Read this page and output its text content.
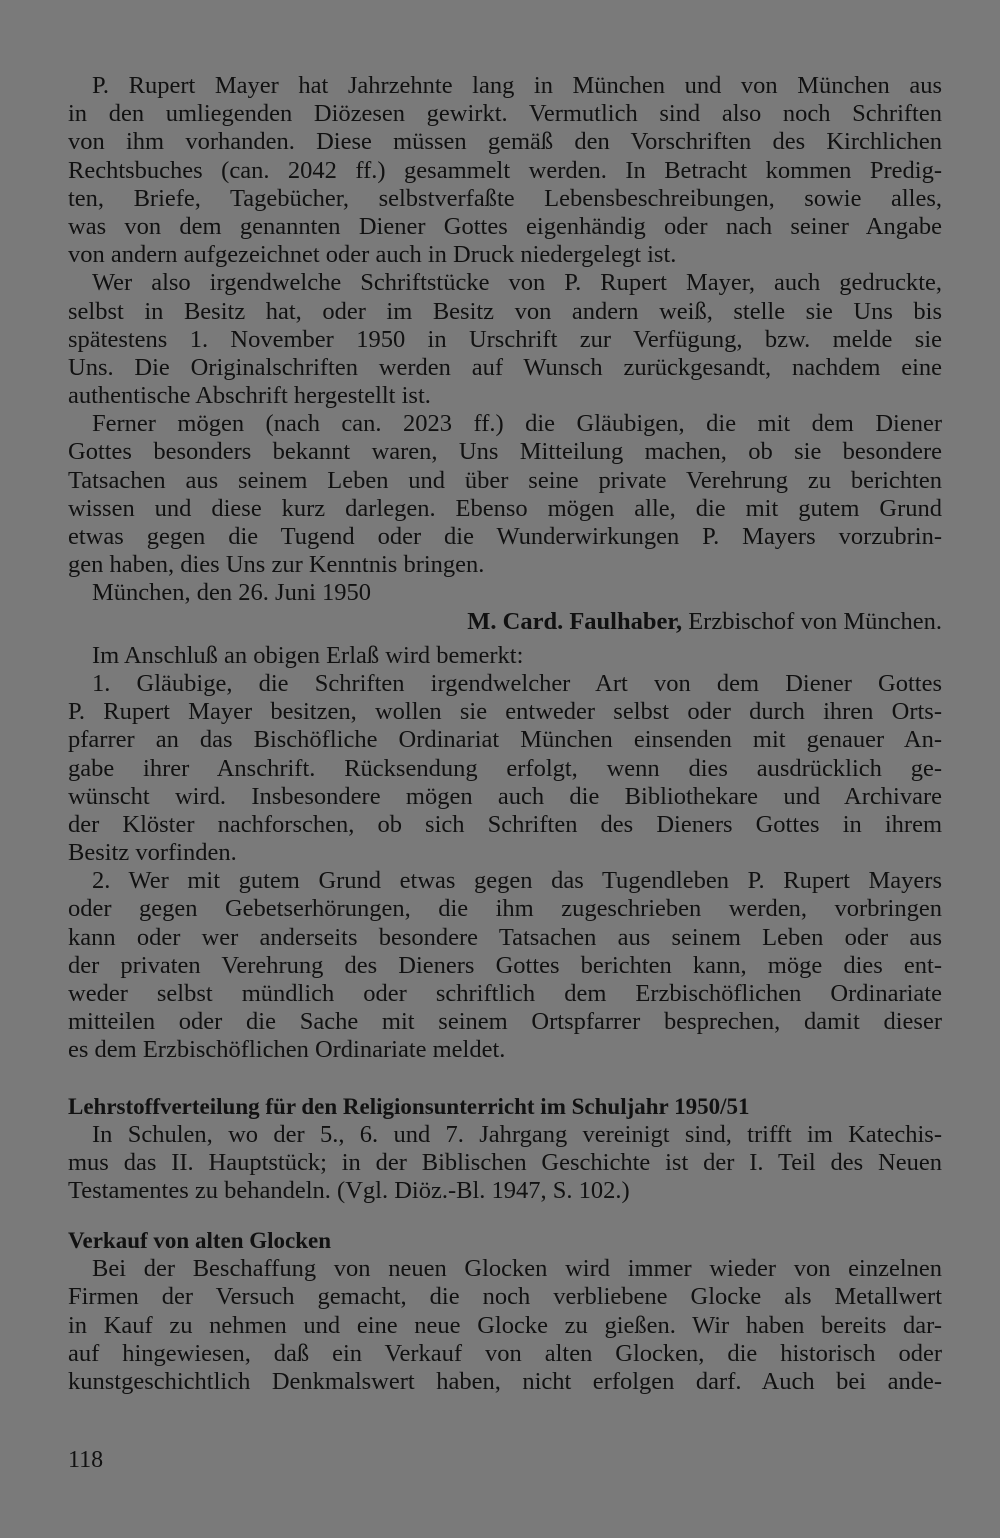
P. Rupert Mayer hat Jahrzehnte lang in München und von München aus
in den umliegenden Diözesen gewirkt. Vermutlich sind also noch Schriften
von ihm vorhanden. Diese müssen gemäß den Vorschriften des Kirchlichen
Rechtsbuches (can. 2042 ff.) gesammelt werden. In Betracht kommen Predig-
ten, Briefe, Tagebücher, selbstverfaßte Lebensbeschreibungen, sowie alles,
was von dem genannten Diener Gottes eigenhändig oder nach seiner Angabe
von andern aufgezeichnet oder auch in Druck niedergelegt ist.
Wer also irgendwelche Schriftstücke von P. Rupert Mayer, auch gedruckte,
selbst in Besitz hat, oder im Besitz von andern weiß, stelle sie Uns bis
spätestens 1. November 1950 in Urschrift zur Verfügung, bzw. melde sie
Uns. Die Originalschriften werden auf Wunsch zurückgesandt, nachdem eine
authentische Abschrift hergestellt ist.
Ferner mögen (nach can. 2023 ff.) die Gläubigen, die mit dem Diener
Gottes besonders bekannt waren, Uns Mitteilung machen, ob sie besondere
Tatsachen aus seinem Leben und über seine private Verehrung zu berichten
wissen und diese kurz darlegen. Ebenso mögen alle, die mit gutem Grund
etwas gegen die Tugend oder die Wunderwirkungen P. Mayers vorzubrin-
gen haben, dies Uns zur Kenntnis bringen.
München, den 26. Juni 1950
M. Card. Faulhaber, Erzbischof von München.
Im Anschluß an obigen Erlaß wird bemerkt:
1. Gläubige, die Schriften irgendwelcher Art von dem Diener Gottes
P. Rupert Mayer besitzen, wollen sie entweder selbst oder durch ihren Orts-
pfarrer an das Bischöfliche Ordinariat München einsenden mit genauer An-
gabe ihrer Anschrift. Rücksendung erfolgt, wenn dies ausdrücklich ge-
wünscht wird. Insbesondere mögen auch die Bibliothekare und Archivare
der Klöster nachforschen, ob sich Schriften des Dieners Gottes in ihrem
Besitz vorfinden.
2. Wer mit gutem Grund etwas gegen das Tugendleben P. Rupert Mayers
oder gegen Gebetserhörungen, die ihm zugeschrieben werden, vorbringen
kann oder wer anderseits besondere Tatsachen aus seinem Leben oder aus
der privaten Verehrung des Dieners Gottes berichten kann, möge dies ent-
weder selbst mündlich oder schriftlich dem Erzbischöflichen Ordinariate
mitteilen oder die Sache mit seinem Ortspfarrer besprechen, damit dieser
es dem Erzbischöflichen Ordinariate meldet.
Lehrstoffverteilung für den Religionsunterricht im Schuljahr 1950/51
In Schulen, wo der 5., 6. und 7. Jahrgang vereinigt sind, trifft im Katechis-
mus das II. Hauptstück; in der Biblischen Geschichte ist der I. Teil des Neuen
Testamentes zu behandeln. (Vgl. Diöz.-Bl. 1947, S. 102.)
Verkauf von alten Glocken
Bei der Beschaffung von neuen Glocken wird immer wieder von einzelnen
Firmen der Versuch gemacht, die noch verbliebene Glocke als Metallwert
in Kauf zu nehmen und eine neue Glocke zu gießen. Wir haben bereits dar-
auf hingewiesen, daß ein Verkauf von alten Glocken, die historisch oder
kunstgeschichtlich Denkmalswert haben, nicht erfolgen darf. Auch bei ande-
118
